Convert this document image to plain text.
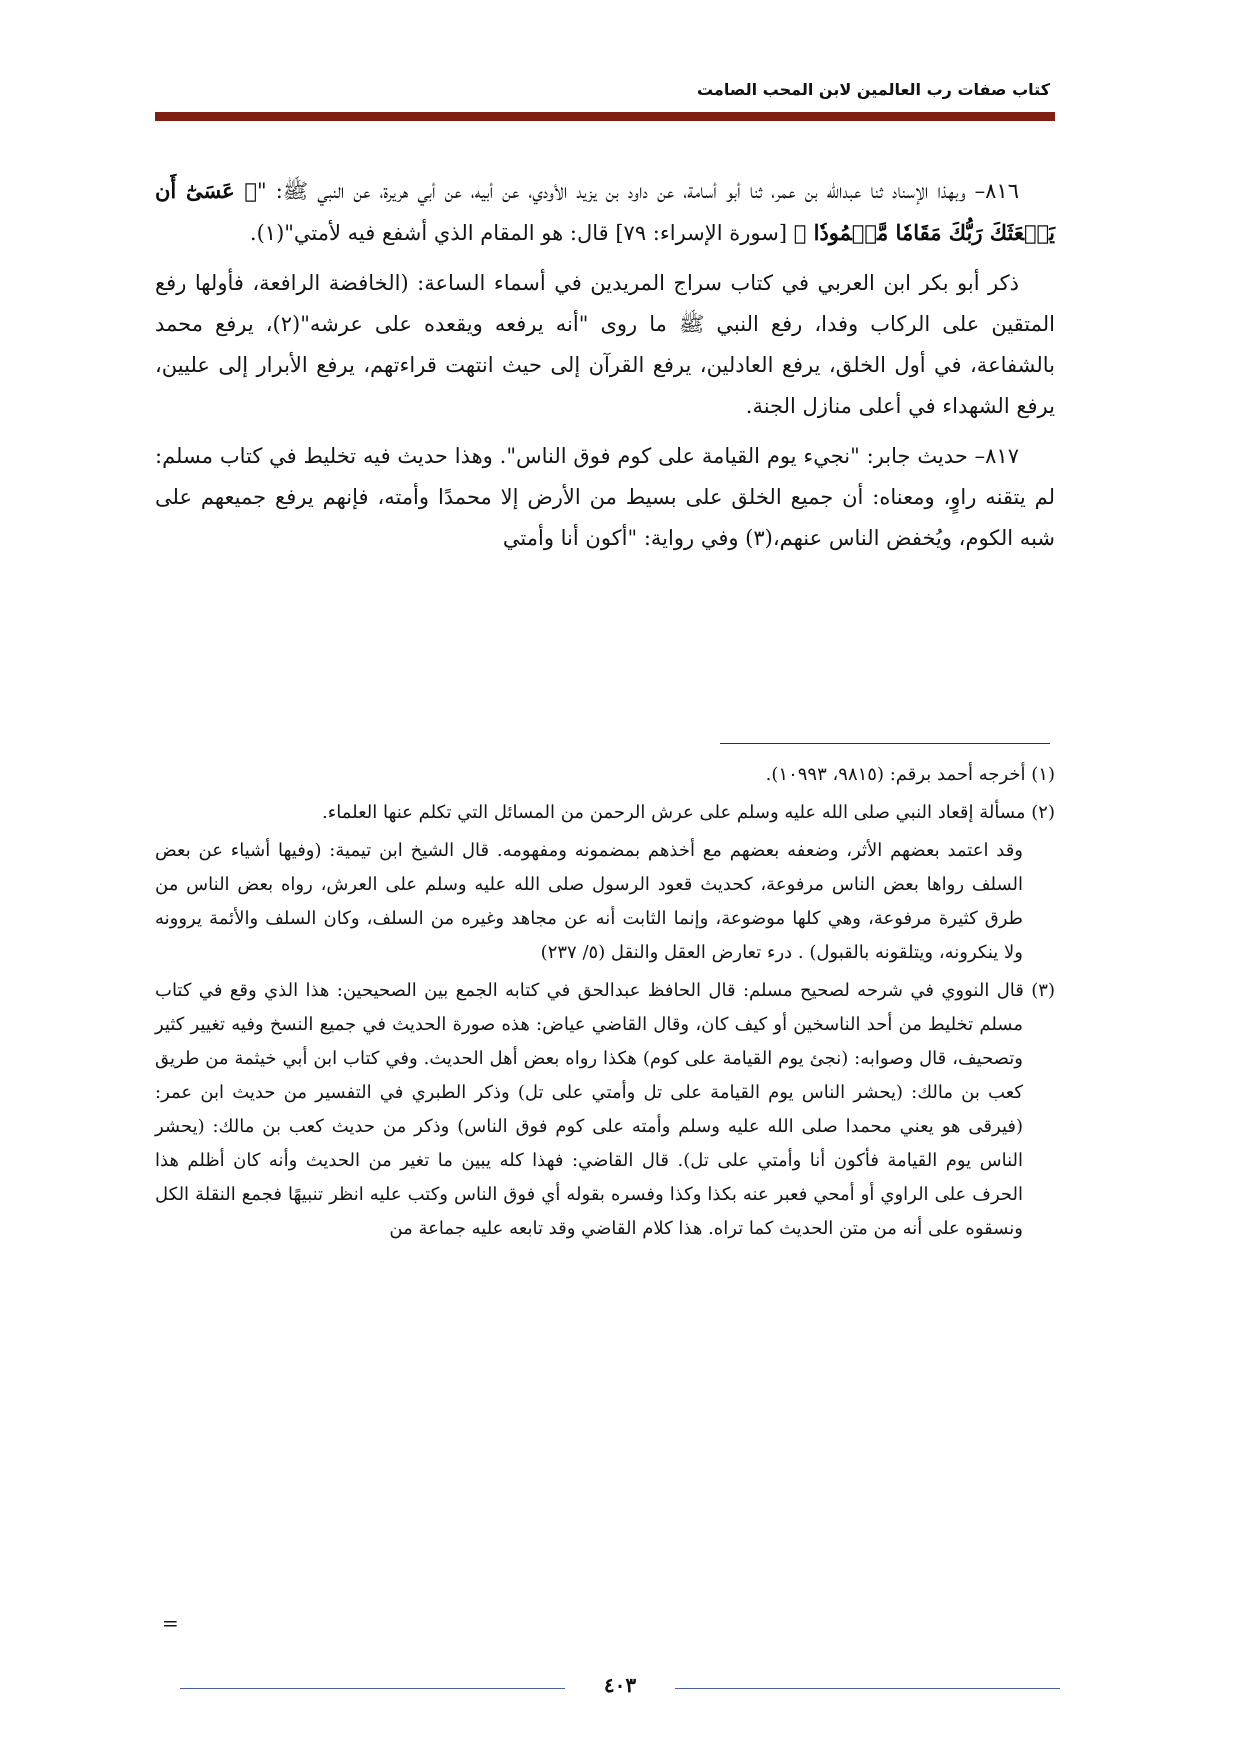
كتاب صفات رب العالمين لابن المحب الصامت

٨١٦– وبهذا الإسناد ثنا عبدالله بن عمر، ثنا أبو أسامة، عن داود بن يزيد الأودي، عن أبيه، عن أبي هريرة، عن النبي ﷺ: "﴿ عَسَىٰٓ أَن يَبۡعَثَكَ رَبُّكَ مَقَامٗا مَّحۡمُودٗا ﴾ [سورة الإسراء: ٧٩] قال: هو المقام الذي أشفع فيه لأمتي"(١).

ذكر أبو بكر ابن العربي في كتاب سراج المريدين في أسماء الساعة: (الخافضة الرافعة، فأولها رفع المتقين على الركاب وفدا، رفع النبي ﷺ ما روى "أنه يرفعه ويقعده على عرشه"(٢)، يرفع محمد بالشفاعة، في أول الخلق، يرفع العادلين، يرفع القرآن إلى حيث انتهت قراءتهم، يرفع الأبرار إلى عليين، يرفع الشهداء في أعلى منازل الجنة.

٨١٧– حديث جابر: "نجيء يوم القيامة على كوم فوق الناس". وهذا حديث فيه تخليط في كتاب مسلم: لم يتقنه راوٍ، ومعناه: أن جميع الخلق على بسيط من الأرض إلا محمدًا وأمته، فإنهم يرفع جميعهم على شبه الكوم، ويُخفض الناس عنهم،(٣) وفي رواية: "أكون أنا وأمتي

(١) أخرجه أحمد برقم: (٩٨١٥، ١٠٩٩٣).

(٢) مسألة إقعاد النبي صلى الله عليه وسلم على عرش الرحمن من المسائل التي تكلم عنها العلماء.

وقد اعتمد بعضهم الأثر، وضعفه بعضهم مع أخذهم بمضمونه ومفهومه. قال الشيخ ابن تيمية: (وفيها أشياء عن بعض السلف رواها بعض الناس مرفوعة، كحديث قعود الرسول صلى الله عليه وسلم على العرش، رواه بعض الناس من طرق كثيرة مرفوعة، وهي كلها موضوعة، وإنما الثابت أنه عن مجاهد وغيره من السلف، وكان السلف والأئمة يروونه ولا ينكرونه، ويتلقونه بالقبول) . درء تعارض العقل والنقل (٥/ ٢٣٧)

(٣) قال النووي في شرحه لصحيح مسلم: قال الحافظ عبدالحق في كتابه الجمع بين الصحيحين: هذا الذي وقع في كتاب مسلم تخليط من أحد الناسخين أو كيف كان، وقال القاضي عياض: هذه صورة الحديث في جميع النسخ وفيه تغيير كثير وتصحيف، قال وصوابه: (نجئ يوم القيامة على كوم) هكذا رواه بعض أهل الحديث. وفي كتاب ابن أبي خيثمة من طريق كعب بن مالك: (يحشر الناس يوم القيامة على تل وأمتي على تل) وذكر الطبري في التفسير من حديث ابن عمر: (فيرقى هو يعني محمدا صلى الله عليه وسلم وأمته على كوم فوق الناس) وذكر من حديث كعب بن مالك: (يحشر الناس يوم القيامة فأكون أنا وأمتي على تل). قال القاضي: فهذا كله يبين ما تغير من الحديث وأنه كان أظلم هذا الحرف على الراوي أو أمحي فعبر عنه بكذا وكذا وفسره بقوله أي فوق الناس وكتب عليه انظر تنبيهًا فجمع النقلة الكل ونسقوه على أنه من متن الحديث كما تراه. هذا كلام القاضي وقد تابعه عليه جماعة من

=
٤٠٣
